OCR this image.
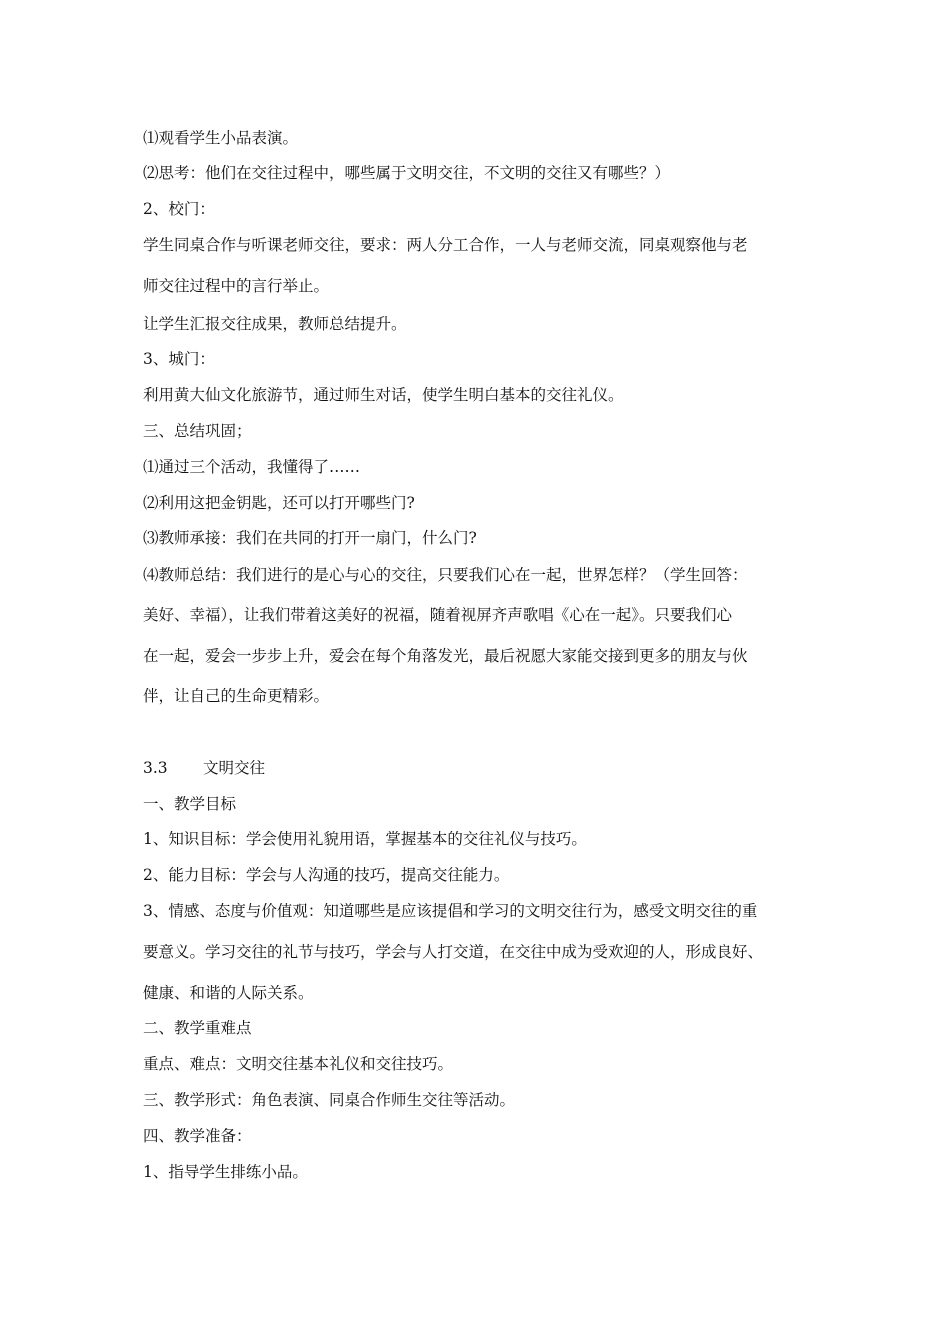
⑴观看学生小品表演。
⑵思考：他们在交往过程中，哪些属于文明交往，不文明的交往又有哪些？）
2、校门：
学生同桌合作与听课老师交往，要求：两人分工合作，一人与老师交流，同桌观察他与老
师交往过程中的言行举止。
让学生汇报交往成果，教师总结提升。
3、城门：
利用黄大仙文化旅游节，通过师生对话，使学生明白基本的交往礼仪。
三、总结巩固；
⑴通过三个活动，我懂得了……
⑵利用这把金钥匙，还可以打开哪些门?
⑶教师承接：我们在共同的打开一扇门，什么门?
⑷教师总结：我们进行的是心与心的交往，只要我们心在一起，世界怎样？（学生回答：
美好、幸福），让我们带着这美好的祝福，随着视屏齐声歌唱《心在一起》。只要我们心
在一起，爱会一步步上升，爱会在每个角落发光，最后祝愿大家能交接到更多的朋友与伙
伴，让自己的生命更精彩。
3.3 文明交往
一、教学目标
1、知识目标：学会使用礼貌用语，掌握基本的交往礼仪与技巧。
2、能力目标：学会与人沟通的技巧，提高交往能力。
3、情感、态度与价值观：知道哪些是应该提倡和学习的文明交往行为，感受文明交往的重
要意义。学习交往的礼节与技巧，学会与人打交道，在交往中成为受欢迎的人，形成良好、
健康、和谐的人际关系。
二、教学重难点
重点、难点：文明交往基本礼仪和交往技巧。
三、教学形式：角色表演、同桌合作师生交往等活动。
四、教学准备：
1、指导学生排练小品。
